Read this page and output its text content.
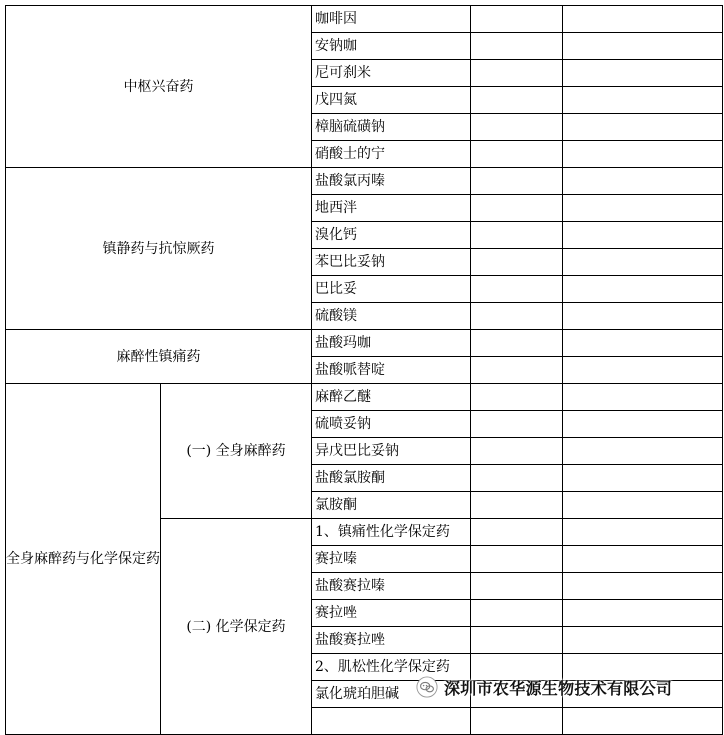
中枢兴奋药		咖啡因		
		安钠咖		
		尼可刹米		
		戊四氮		
		樟脑硫磺钠		
		硝酸士的宁		
镇静药与抗惊厥药		盐酸氯丙嗪		
		地西泮		
		溴化钙		
		苯巴比妥钠		
		巴比妥		
		硫酸镁		
麻醉性镇痛药		盐酸玛咖		
		盐酸哌替啶		
全身麻醉药与化学保定药	(一) 全身麻醉药	麻醉乙醚		
		硫喷妥钠		
		异戊巴比妥钠		
		盐酸氯胺酮		
		氯胺酮		
	(二) 化学保定药	1、镇痛性化学保定药		
		赛拉嗪		
		盐酸赛拉嗪		
		赛拉唑		
		盐酸赛拉唑		
		2、肌松性化学保定药		
		氯化琥珀胆碱		
			深圳市农华源生物技术有限公司
